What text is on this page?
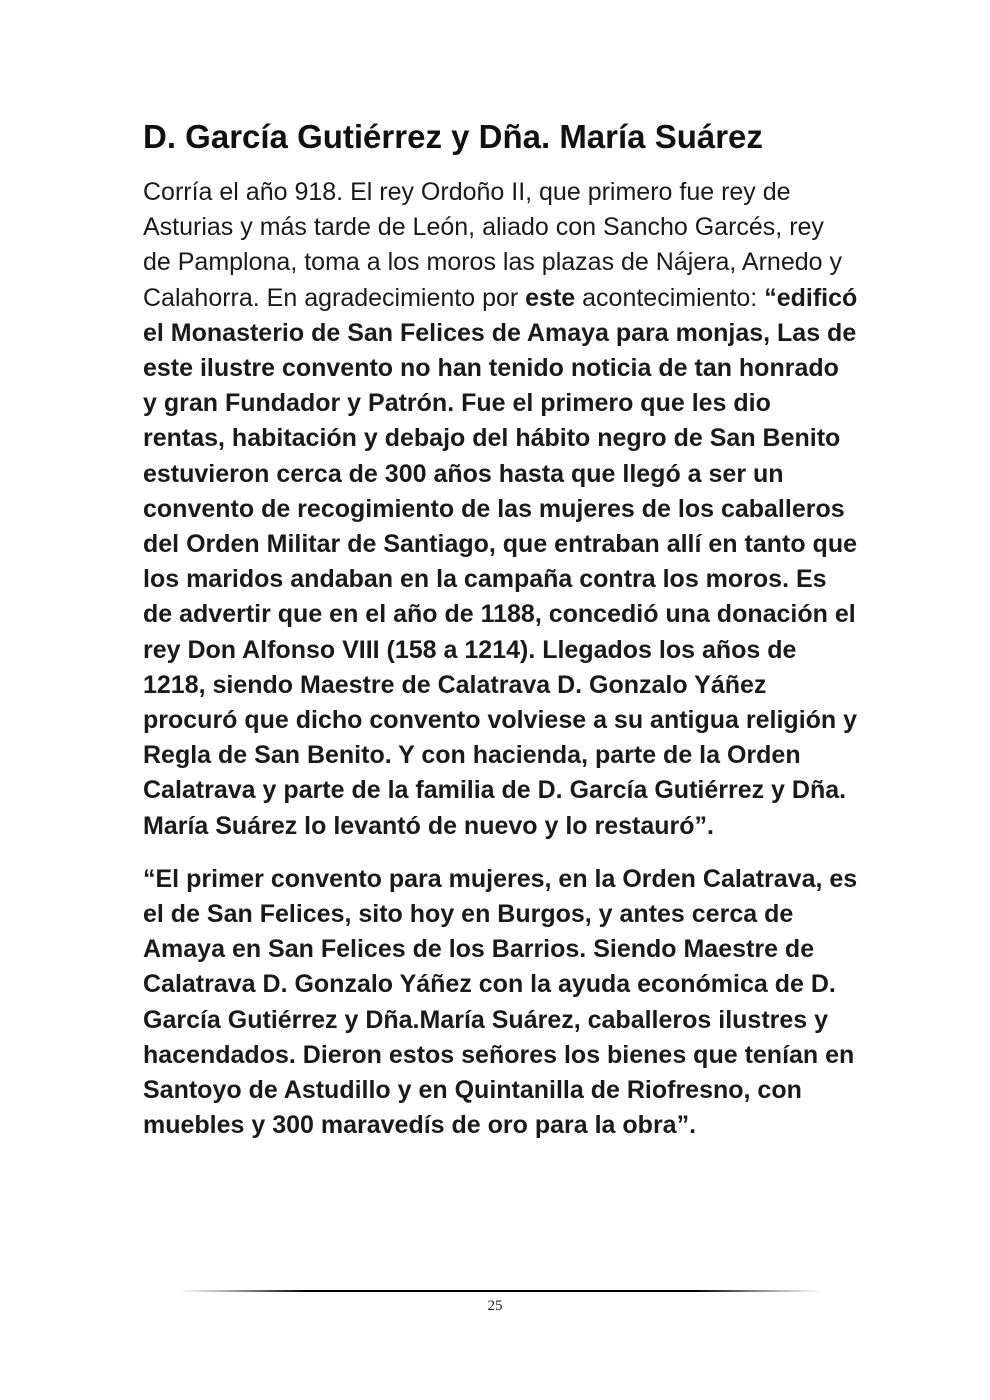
D. García Gutiérrez y Dña. María Suárez

Corría el año 918. El rey Ordoño II, que primero fue rey de Asturias y más tarde de León, aliado con Sancho Garcés, rey de Pamplona, toma a los moros las plazas de Nájera, Arnedo y Calahorra. En agradecimiento por este acontecimiento: “edificó el Monasterio de San Felices de Amaya para monjas, Las de este ilustre convento no han tenido noticia de tan honrado y gran Fundador y Patrón. Fue el primero que les dio rentas, habitación y debajo del hábito negro de San Benito estuvieron cerca de 300 años hasta que llegó a ser un convento de recogimiento de las mujeres de los caballeros del Orden Militar de Santiago, que entraban allí en tanto que los maridos andaban en la campaña contra los moros. Es de advertir que en el año de 1188, concedió una donación el rey Don Alfonso VIII (158 a 1214). Llegados los años de 1218, siendo Maestre de Calatrava D. Gonzalo Yáñez procuró que dicho convento volviese a su antigua religión y Regla de San Benito. Y con hacienda, parte de la Orden Calatrava y parte de la familia de D. García Gutiérrez y Dña. María Suárez lo levantó de nuevo y lo restauró”.

“El primer convento para mujeres, en la Orden Calatrava, es el de San Felices, sito hoy en Burgos, y antes cerca de Amaya en San Felices de los Barrios. Siendo Maestre de Calatrava D. Gonzalo Yáñez con la ayuda económica de D. García Gutiérrez y Dña.María Suárez, caballeros ilustres y hacendados. Dieron estos señores los bienes que tenían en Santoyo de Astudillo y en Quintanilla de Riofresno, con muebles y 300 maravedís de oro para la obra”.

25
